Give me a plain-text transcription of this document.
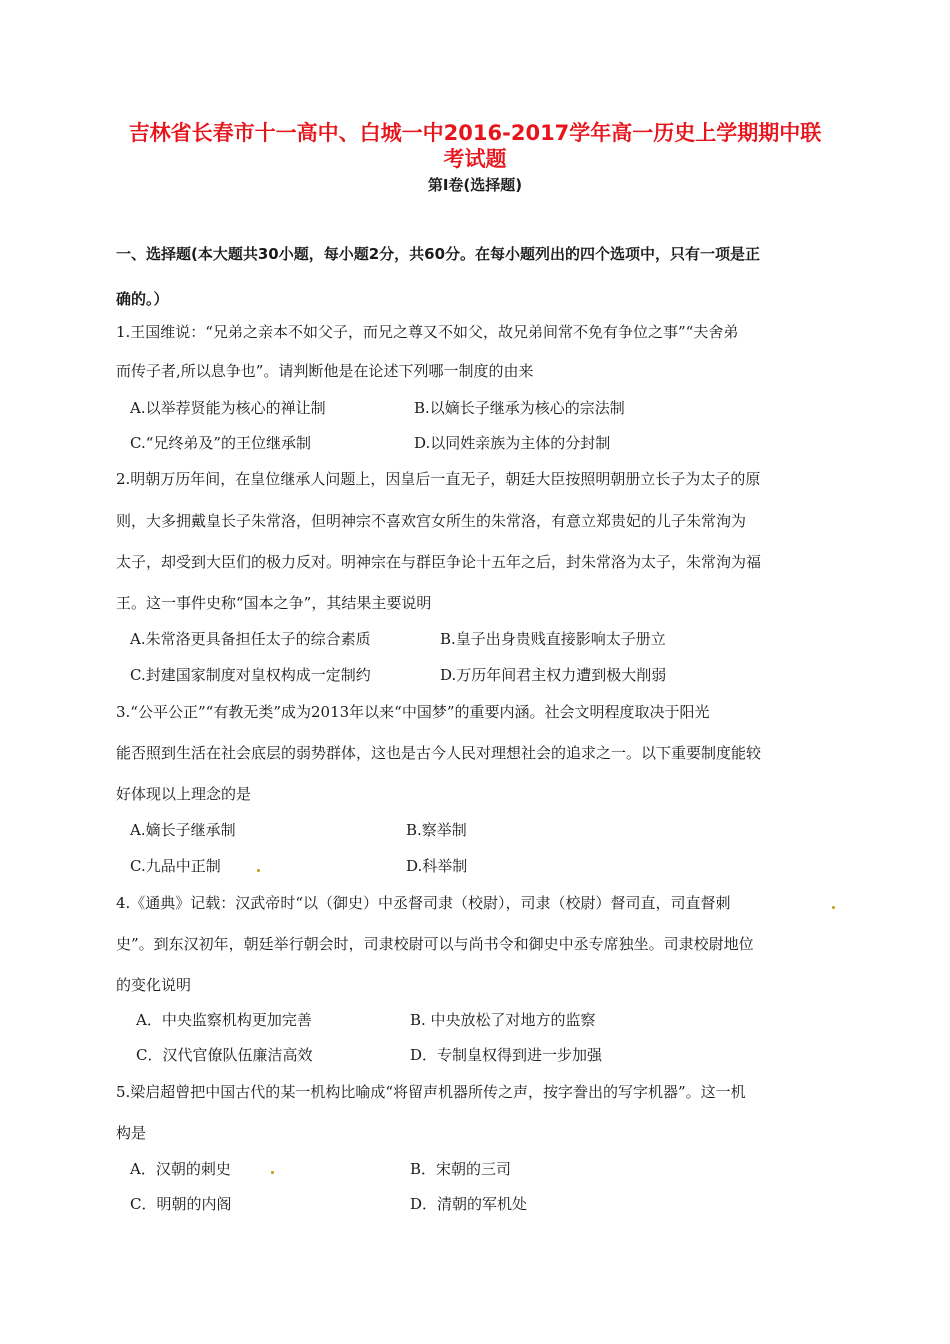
吉林省长春市十一高中、白城一中2016-2017学年高一历史上学期期中联
考试题
第Ⅰ卷(选择题)
一、选择题(本大题共30小题，每小题2分，共60分。在每小题列出的四个选项中，只有一项是正
确的。）
1.王国维说：“兄弟之亲本不如父子，而兄之尊又不如父，故兄弟间常不免有争位之事”“夫舍弟
而传子者,所以息争也”。请判断他是在论述下列哪一制度的由来
A.以举荐贤能为核心的禅让制	B.以嫡长子继承为核心的宗法制
C.“兄终弟及”的王位继承制	D.以同姓亲族为主体的分封制
2.明朝万历年间，在皇位继承人问题上，因皇后一直无子，朝廷大臣按照明朝册立长子为太子的原
则，大多拥戴皇长子朱常洛，但明神宗不喜欢宫女所生的朱常洛，有意立郑贵妃的儿子朱常洵为
太子，却受到大臣们的极力反对。明神宗在与群臣争论十五年之后，封朱常洛为太子，朱常洵为福
王。这一事件史称“国本之争”，其结果主要说明
A.朱常洛更具备担任太子的综合素质	B.皇子出身贵贱直接影响太子册立
C.封建国家制度对皇权构成一定制约	D.万历年间君主权力遭到极大削弱
3.“公平公正”“有教无类”成为2013年以来“中国梦”的重要内涵。社会文明程度取决于阳光
能否照到生活在社会底层的弱势群体，这也是古今人民对理想社会的追求之一。以下重要制度能较
好体现以上理念的是
A.嫡长子继承制	B.察举制
C.九品中正制	D.科举制
4.《通典》记载：汉武帝时“以（御史）中丞督司隶（校尉），司隶（校尉）督司直，司直督刺
史”。到东汉初年，朝廷举行朝会时，司隶校尉可以与尚书令和御史中丞专席独坐。司隶校尉地位
的变化说明
A．中央监察机构更加完善	B. 中央放松了对地方的监察
C．汉代官僚队伍廉洁高效	D．专制皇权得到进一步加强
5.梁启超曾把中国古代的某一机构比喻成“将留声机器所传之声，按字誊出的写字机器”。这一机
构是
A．汉朝的刺史	B．宋朝的三司
C．明朝的内阁	D．清朝的军机处
